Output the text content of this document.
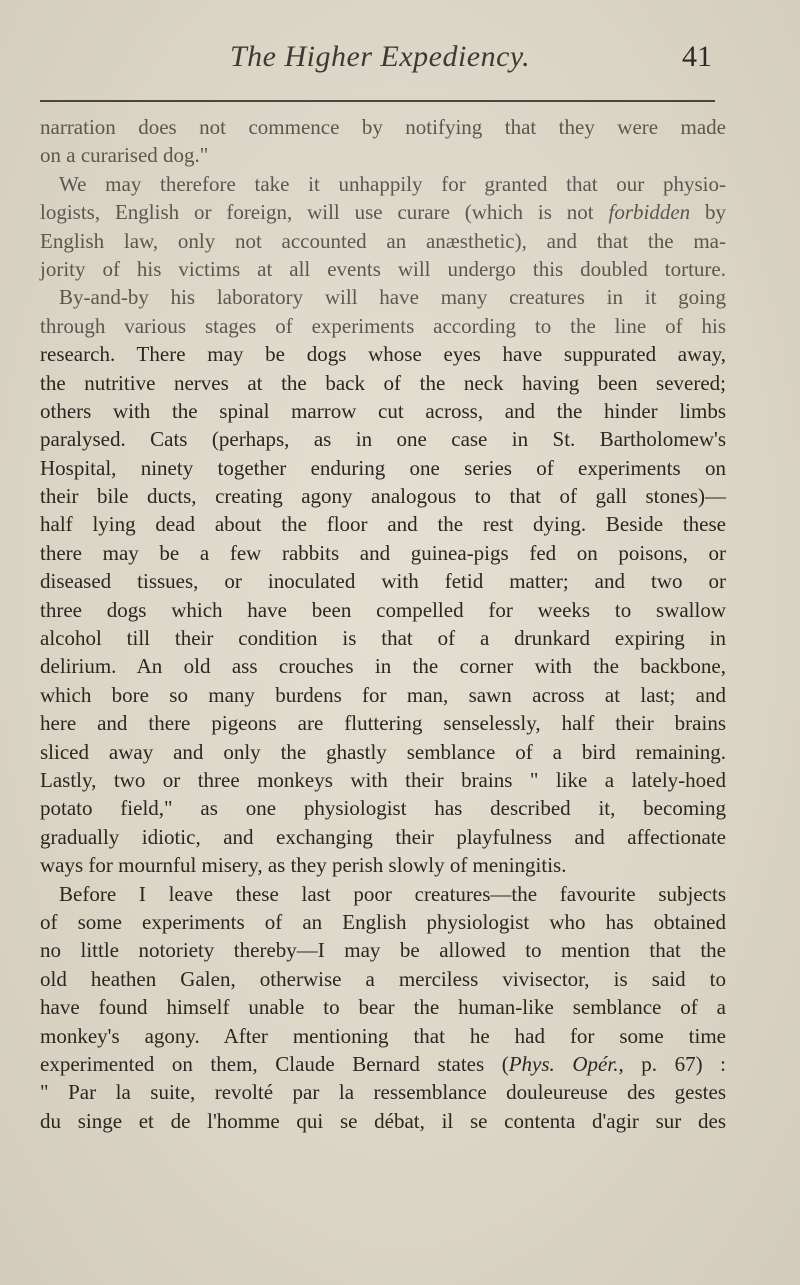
The Higher Expediency.	41
narration does not commence by notifying that they were made
on a curarised dog."
We may therefore take it unhappily for granted that our physio-
logists, English or foreign, will use curare (which is not forbidden by
English law, only not accounted an anæsthetic), and that the ma-
jority of his victims at all events will undergo this doubled torture.
By-and-by his laboratory will have many creatures in it going
through various stages of experiments according to the line of his
research. There may be dogs whose eyes have suppurated away,
the nutritive nerves at the back of the neck having been severed;
others with the spinal marrow cut across, and the hinder limbs
paralysed. Cats (perhaps, as in one case in St. Bartholomew's
Hospital, ninety together enduring one series of experiments on
their bile ducts, creating agony analogous to that of gall stones)—
half lying dead about the floor and the rest dying. Beside these
there may be a few rabbits and guinea-pigs fed on poisons, or
diseased tissues, or inoculated with fetid matter; and two or
three dogs which have been compelled for weeks to swallow
alcohol till their condition is that of a drunkard expiring in
delirium. An old ass crouches in the corner with the backbone,
which bore so many burdens for man, sawn across at last; and
here and there pigeons are fluttering senselessly, half their brains
sliced away and only the ghastly semblance of a bird remaining.
Lastly, two or three monkeys with their brains " like a lately-hoed
potato field," as one physiologist has described it, becoming
gradually idiotic, and exchanging their playfulness and affectionate
ways for mournful misery, as they perish slowly of meningitis.
Before I leave these last poor creatures—the favourite subjects
of some experiments of an English physiologist who has obtained
no little notoriety thereby—I may be allowed to mention that the
old heathen Galen, otherwise a merciless vivisector, is said to
have found himself unable to bear the human-like semblance of a
monkey's agony. After mentioning that he had for some time
experimented on them, Claude Bernard states (Phys. Opér., p. 67) :
" Par la suite, revolté par la ressemblance douleureuse des gestes
du singe et de l'homme qui se débat, il se contenta d'agir sur des
